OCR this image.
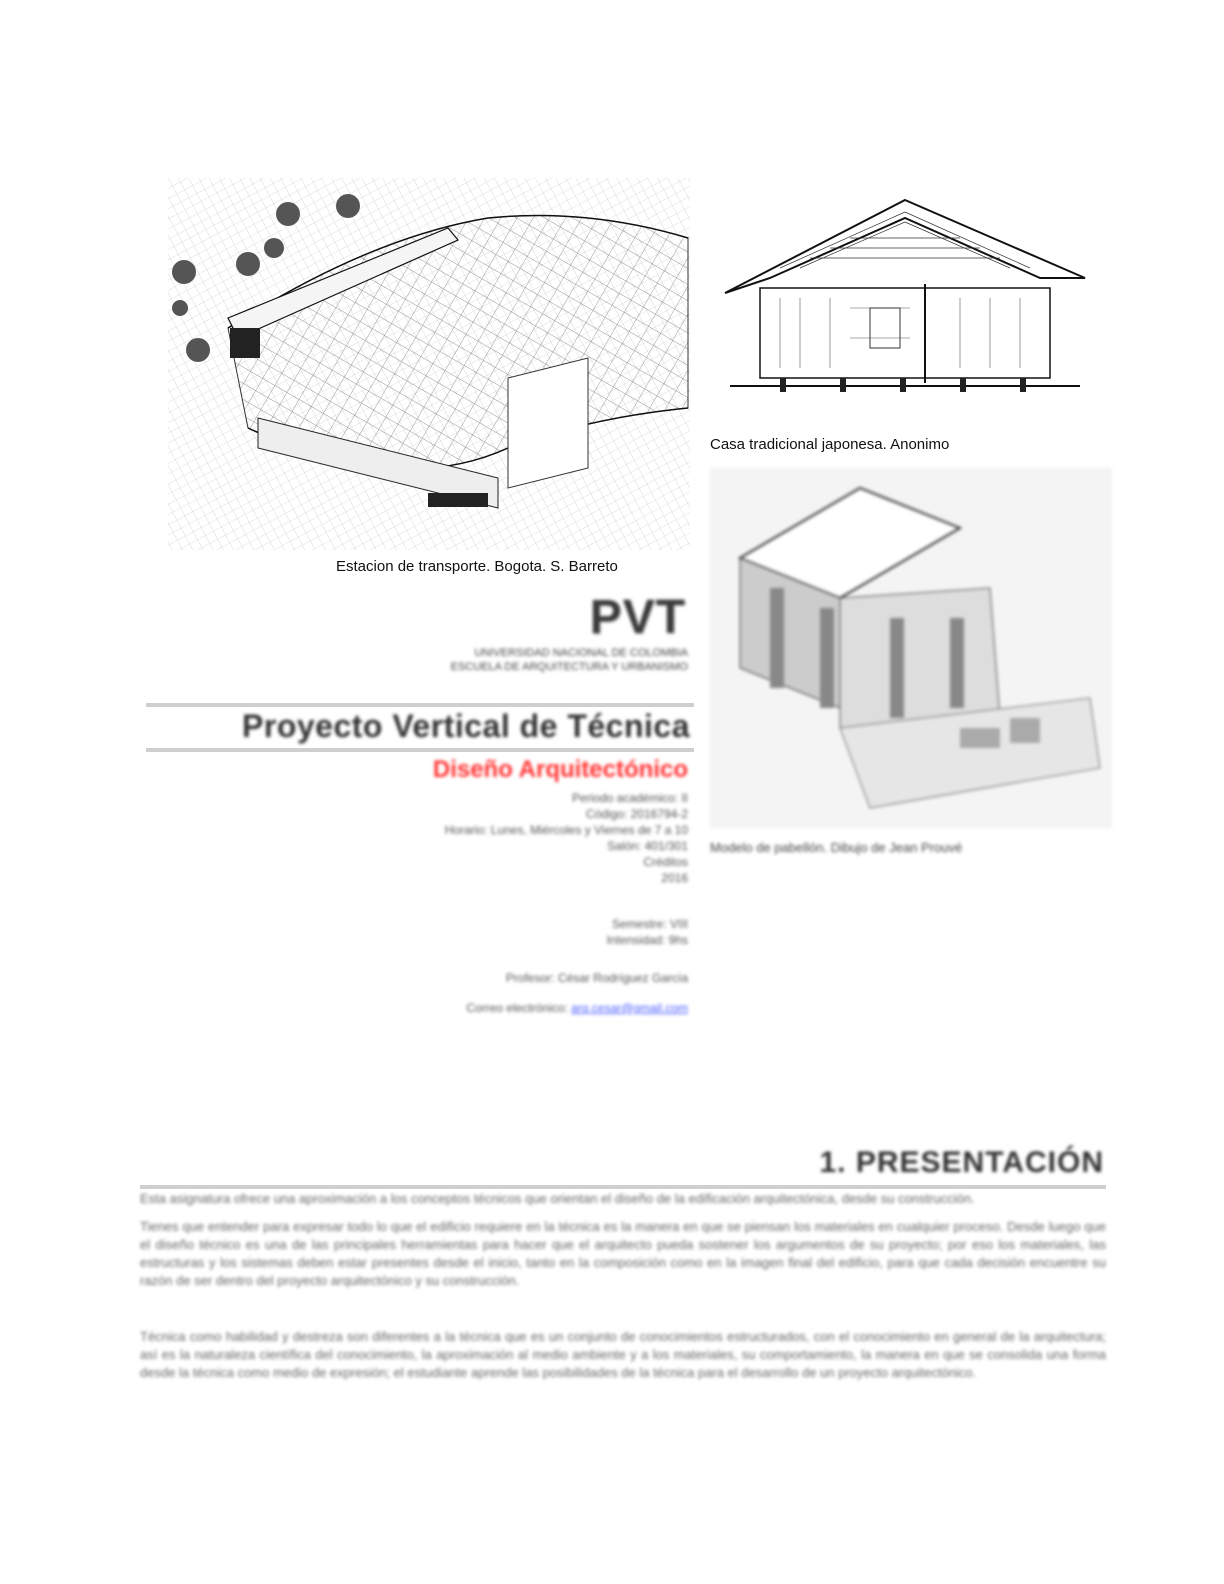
Estacion de transporte. Bogota. S. Barreto
Casa tradicional japonesa. Anonimo
Modelo de pabellón. Dibujo de Jean Prouvé
PVT
UNIVERSIDAD NACIONAL DE COLOMBIA
ESCUELA DE ARQUITECTURA Y URBANISMO
Proyecto Vertical de Técnica
Diseño Arquitectónico
Periodo académico: II
Código: 2016794-2
Horario: Lunes, Miércoles y Viernes de 7 a 10
Salón: 401/301
Créditos
2016
Semestre: VIII
Intensidad: 9hs
Profesor: César Rodríguez García
Correo electrónico: arq.cesar@gmail.com
1. PRESENTACIÓN
Esta asignatura ofrece una aproximación a los conceptos técnicos que orientan el diseño de la edificación arquitectónica, desde su construcción.
Tienes que entender para expresar todo lo que el edificio requiere en la técnica es la manera en que se piensan los materiales en cualquier proceso. Desde luego que el diseño técnico es una de las principales herramientas para hacer que el arquitecto pueda sostener los argumentos de su proyecto; por eso los materiales, las estructuras y los sistemas deben estar presentes desde el inicio, tanto en la composición como en la imagen final del edificio, para que cada decisión encuentre su razón de ser dentro del proyecto arquitectónico y su construcción.
Técnica como habilidad y destreza son diferentes a la técnica que es un conjunto de conocimientos estructurados, con el conocimiento en general de la arquitectura; así es la naturaleza científica del conocimiento, la aproximación al medio ambiente y a los materiales, su comportamiento, la manera en que se consolida una forma desde la técnica como medio de expresión; el estudiante aprende las posibilidades de la técnica para el desarrollo de un proyecto arquitectónico.
